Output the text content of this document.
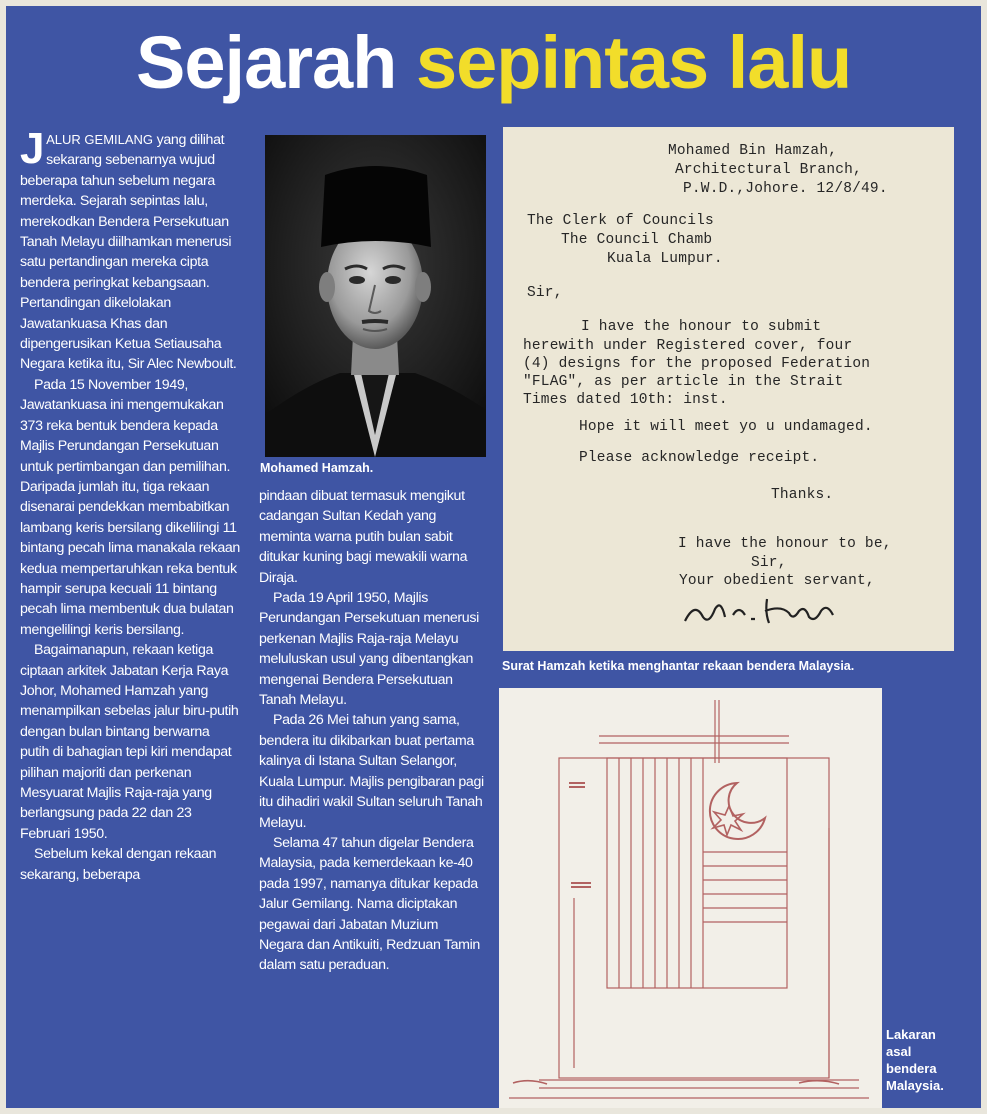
Sejarah sepintas lalu

JALUR GEMILANG yang dilihat sekarang sebenarnya wujud beberapa tahun sebelum negara merdeka. Sejarah sepintas lalu, merekodkan Bendera Persekutuan Tanah Melayu diilhamkan menerusi satu pertandingan mereka cipta bendera peringkat kebangsaan. Pertandingan dikelolakan Jawatankuasa Khas dan dipengerusikan Ketua Setiausaha Negara ketika itu, Sir Alec Newboult.

Pada 15 November 1949, Jawatankuasa ini mengemukakan 373 reka bentuk bendera kepada Majlis Perundangan Persekutuan untuk pertimbangan dan pemilihan. Daripada jumlah itu, tiga rekaan disenarai pendekkan membabitkan lambang keris bersilang dikelilingi 11 bintang pecah lima manakala rekaan kedua mempertaruhkan reka bentuk hampir serupa kecuali 11 bintang pecah lima membentuk dua bulatan mengelilingi keris bersilang.

Bagaimanapun, rekaan ketiga ciptaan arkitek Jabatan Kerja Raya Johor, Mohamed Hamzah yang menampilkan sebelas jalur biru-putih dengan bulan bintang berwarna putih di bahagian tepi kiri mendapat pilihan majoriti dan perkenan Mesyuarat Majlis Raja-raja yang berlangsung pada 22 dan 23 Februari 1950.

Sebelum kekal dengan rekaan sekarang, beberapa

Mohamed Hamzah.

pindaan dibuat termasuk mengikut cadangan Sultan Kedah yang meminta warna putih bulan sabit ditukar kuning bagi mewakili warna Diraja.

Pada 19 April 1950, Majlis Perundangan Persekutuan menerusi perkenan Majlis Raja-raja Melayu meluluskan usul yang dibentangkan mengenai Bendera Persekutuan Tanah Melayu.

Pada 26 Mei tahun yang sama, bendera itu dikibarkan buat pertama kalinya di Istana Sultan Selangor, Kuala Lumpur. Majlis pengibaran pagi itu dihadiri wakil Sultan seluruh Tanah Melayu.

Selama 47 tahun digelar Bendera Malaysia, pada kemerdekaan ke-40 pada 1997, namanya ditukar kepada Jalur Gemilang. Nama diciptakan pegawai dari Jabatan Muzium Negara dan Antikuiti, Redzuan Tamin dalam satu peraduan.

Mohamed Bin Hamzah,
Architectural Branch,
P.W.D.,Johore. 12/8/49.
The Clerk of Councils
The Council Chamb
Kuala Lumpur.
Sir,
I have the honour to submit
herewith under Registered cover, four
(4) designs for the proposed Federation
"FLAG", as per article in the Strait
Times dated 10th: inst.
Hope it will meet yo u undamaged.
Please acknowledge receipt.
Thanks.
I have the honour to be,
Sir,
Your obedient servant,
Surat Hamzah ketika menghantar rekaan bendera Malaysia.
Lakaran
asal
bendera
Malaysia.
